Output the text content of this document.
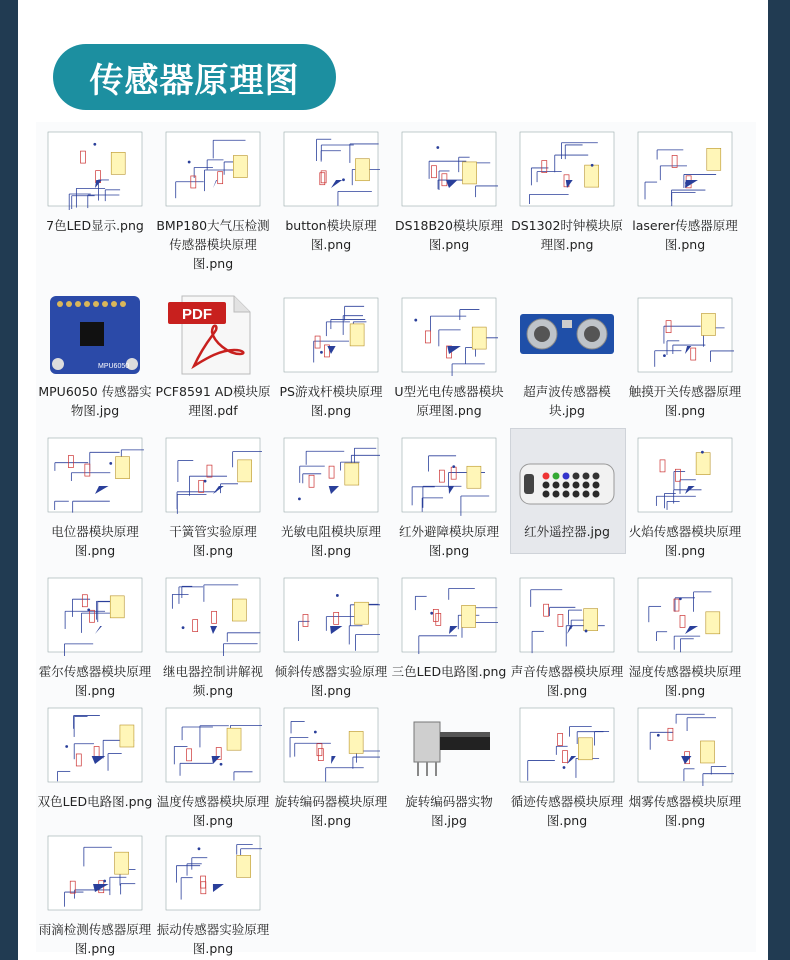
传感器原理图
7色LED显示.png	BMP180大气压检测传感器模块原理图.png
button模块原理图.png
DS18B20模块原理图.png
DS1302时钟模块原理图.png
laserer传感器原理图.png
MPU6050
MPU6050 传感器实物图.jpg
PDF
PCF8591 AD模块原理图.pdf
PS游戏杆模块原理图.png
U型光电传感器模块原理图.png
超声波传感器模块.jpg
触摸开关传感器原理图.png
电位器模块原理图.png
干簧管实验原理图.png
光敏电阻模块原理图.png
红外避障模块原理图.png
红外遥控器.jpg	火焰传感器模块原理图.png
霍尔传感器模块原理图.png
继电器控制讲解视频.png
倾斜传感器实验原理图.png
三色LED电路图.png 声音传感器模块原理图.png
湿度传感器模块原理图.png
双色LED电路图.png 温度传感器模块原理图.png
旋转编码器模块原理图.png
旋转编码器实物图.jpg
循迹传感器模块原理图.png
烟雾传感器模块原理图.png
雨滴检测传感器原理图.png
振动传感器实验原理图.png
